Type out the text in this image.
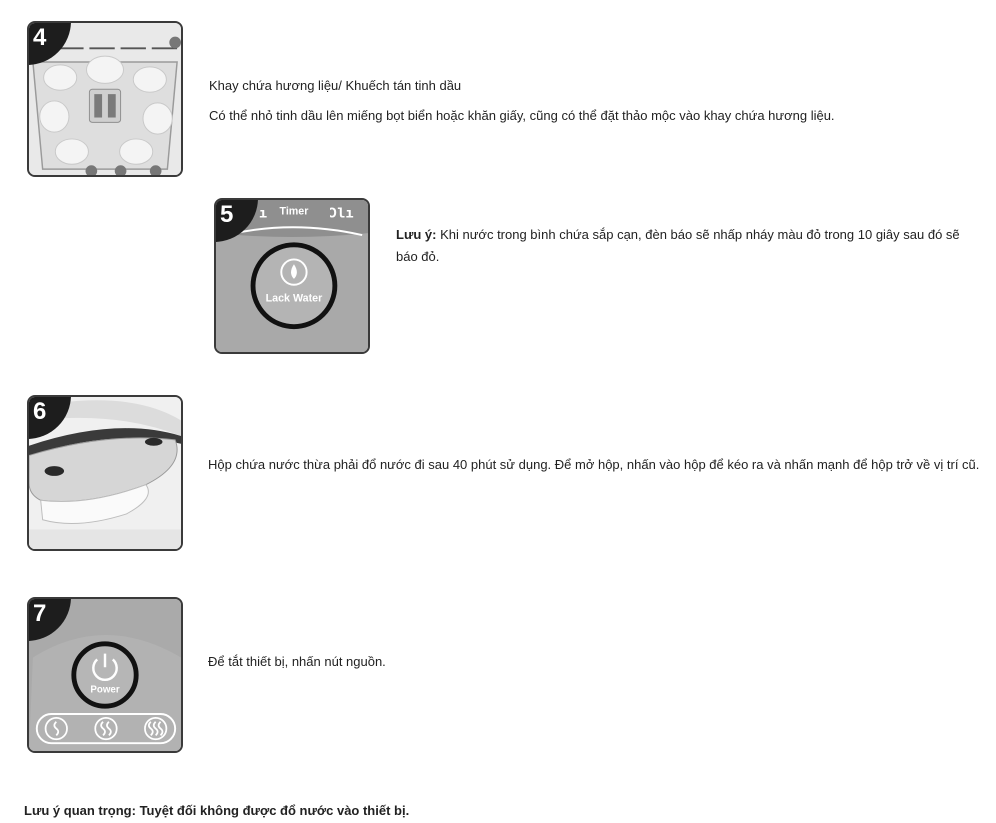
4

Khay chứa hương liệu/ Khuếch tán tinh dầu

Có thể nhỏ tinh dầu lên miếng bọt biển hoặc khăn giấy, cũng có thể đặt thảo mộc vào khay chứa hương liệu.

5	Timer
ı	Ɔlı
Lack Water

Lưu ý: Khi nước trong bình chứa sắp cạn, đèn báo sẽ nhấp nháy màu đỏ trong 10 giây sau đó sẽ báo đỏ.

6

Hộp chứa nước thừa phải đổ nước đi sau 40 phút sử dụng. Để mở hộp, nhấn vào hộp để kéo ra và nhấn mạnh để hộp trở về vị trí cũ.

7
Power

Để tắt thiết bị, nhấn nút nguồn.

Lưu ý quan trọng: Tuyệt đối không được đổ nước vào thiết bị.
